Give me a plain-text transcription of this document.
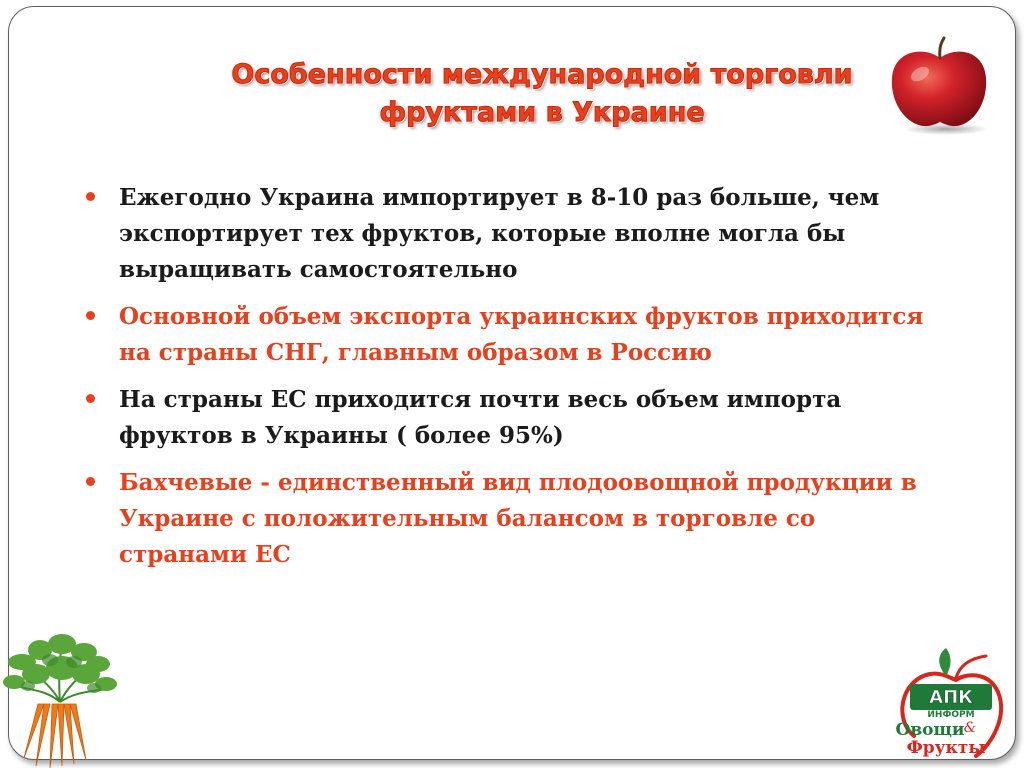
Особенности международной торговли
фруктами в Украине
Ежегодно Украина импортирует в 8-10 раз больше, чем экспортирует тех фруктов, которые вполне могла бы выращивать самостоятельно
Основной объем экспорта украинских фруктов приходится на страны СНГ, главным образом в Россию
На страны ЕС приходится почти весь объем импорта фруктов в Украины ( более 95%)
Бахчевые - единственный вид плодоовощной продукции в Украине с положительным балансом в торговле со странами ЕС
АПК
ИНФОРМ
Овощи &
Фрукты
